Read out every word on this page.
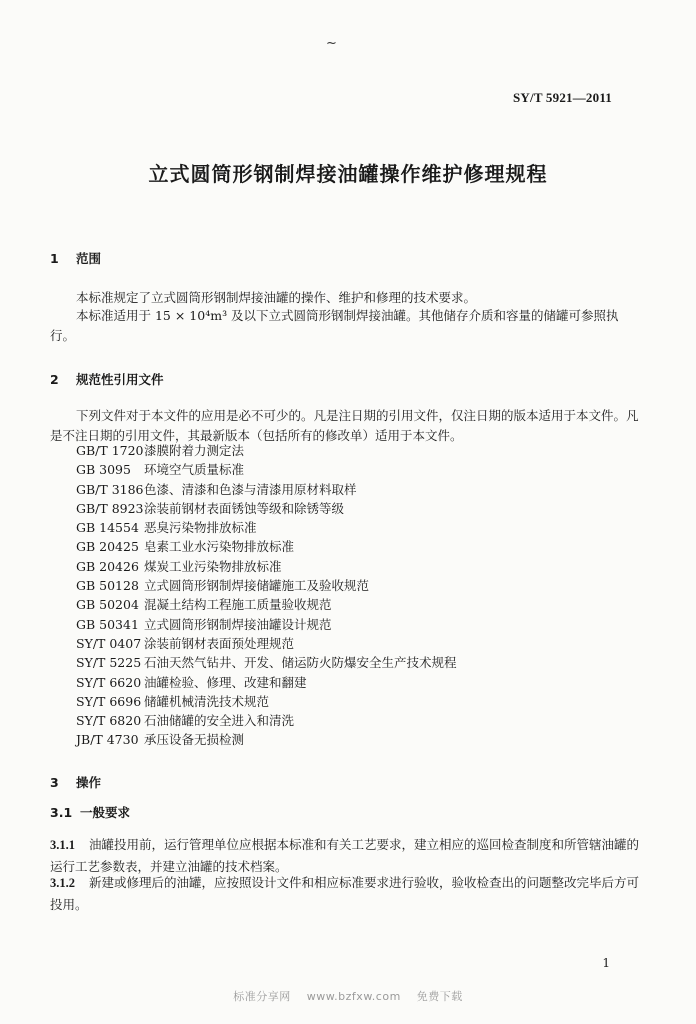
~
SY/T 5921—2011
立式圆筒形钢制焊接油罐操作维护修理规程
1 范围
本标准规定了立式圆筒形钢制焊接油罐的操作、维护和修理的技术要求。
本标准适用于 15 × 10⁴m³ 及以下立式圆筒形钢制焊接油罐。其他储存介质和容量的储罐可参照执行。
2 规范性引用文件
下列文件对于本文件的应用是必不可少的。凡是注日期的引用文件，仅注日期的版本适用于本文件。凡是不注日期的引用文件，其最新版本（包括所有的修改单）适用于本文件。
GB/T 1720漆膜附着力测定法
GB 3095 环境空气质量标准
GB/T 3186色漆、清漆和色漆与清漆用原材料取样
GB/T 8923涂装前钢材表面锈蚀等级和除锈等级
GB 14554 恶臭污染物排放标准
GB 20425 皂素工业水污染物排放标准
GB 20426 煤炭工业污染物排放标准
GB 50128 立式圆筒形钢制焊接储罐施工及验收规范
GB 50204 混凝土结构工程施工质量验收规范
GB 50341 立式圆筒形钢制焊接油罐设计规范
SY/T 0407 涂装前钢材表面预处理规范
SY/T 5225 石油天然气钻井、开发、储运防火防爆安全生产技术规程
SY/T 6620 油罐检验、修理、改建和翻建
SY/T 6696 储罐机械清洗技术规范
SY/T 6820 石油储罐的安全进入和清洗
JB/T 4730 承压设备无损检测
3 操作
3.1 一般要求
3.1.1 油罐投用前，运行管理单位应根据本标准和有关工艺要求，建立相应的巡回检查制度和所管辖油罐的运行工艺参数表，并建立油罐的技术档案。
3.1.2 新建或修理后的油罐，应按照设计文件和相应标准要求进行验收，验收检查出的问题整改完毕后方可投用。
1
标准分享网 www.bzfxw.com 免费下载
